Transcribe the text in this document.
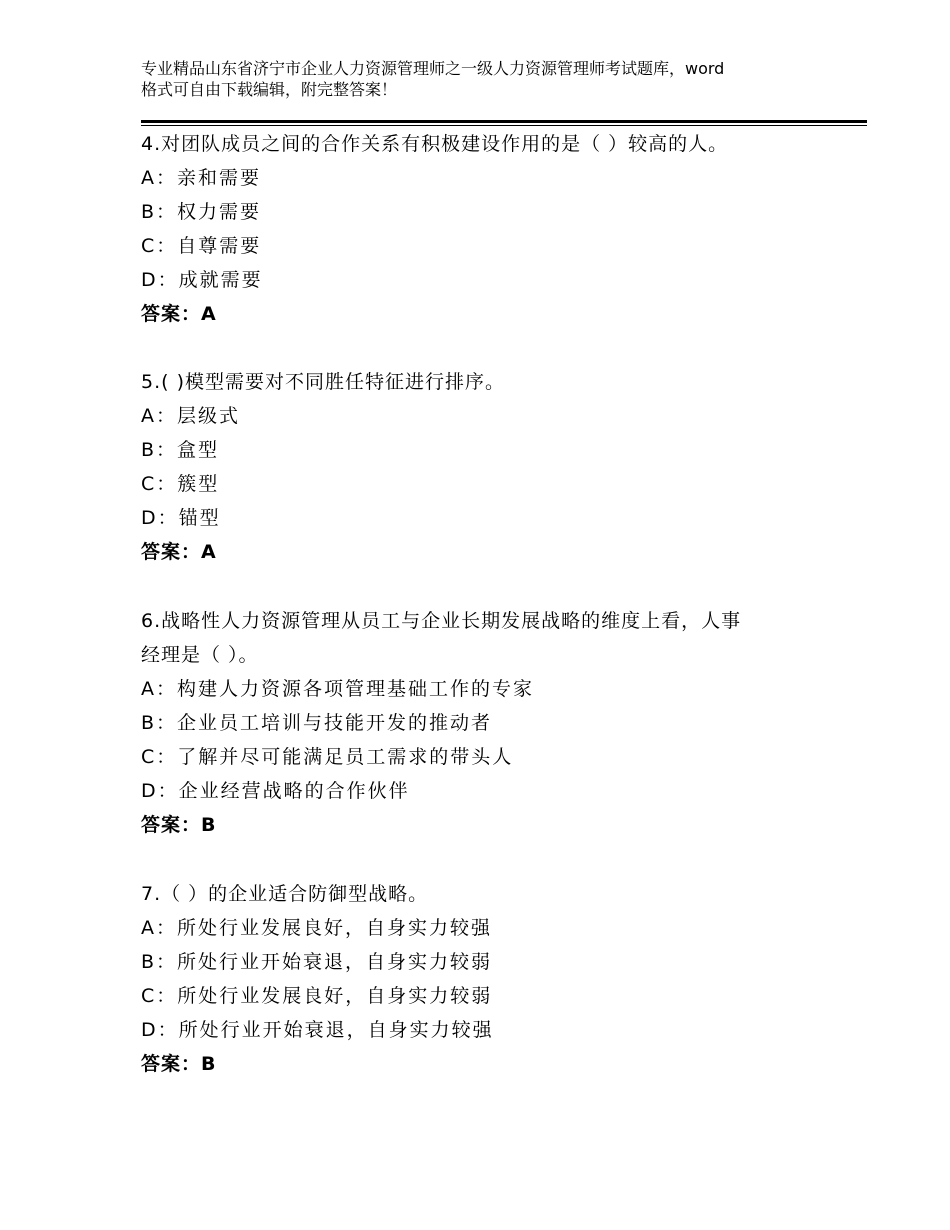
专业精品山东省济宁市企业人力资源管理师之一级人力资源管理师考试题库，word
格式可自由下载编辑，附完整答案！
4.对团队成员之间的合作关系有积极建设作用的是（ ）较高的人。
A：亲和需要
B：权力需要
C：自尊需要
D：成就需要
答案：A
5.( )模型需要对不同胜任特征进行排序。
A：层级式
B：盒型
C：簇型
D：锚型
答案：A
6.战略性人力资源管理从员工与企业长期发展战略的维度上看，人事
经理是（ ）。
A：构建人力资源各项管理基础工作的专家
B：企业员工培训与技能开发的推动者
C：了解并尽可能满足员工需求的带头人
D：企业经营战略的合作伙伴
答案：B
7.（ ）的企业适合防御型战略。
A：所处行业发展良好，自身实力较强
B：所处行业开始衰退，自身实力较弱
C：所处行业发展良好，自身实力较弱
D：所处行业开始衰退，自身实力较强
答案：B
